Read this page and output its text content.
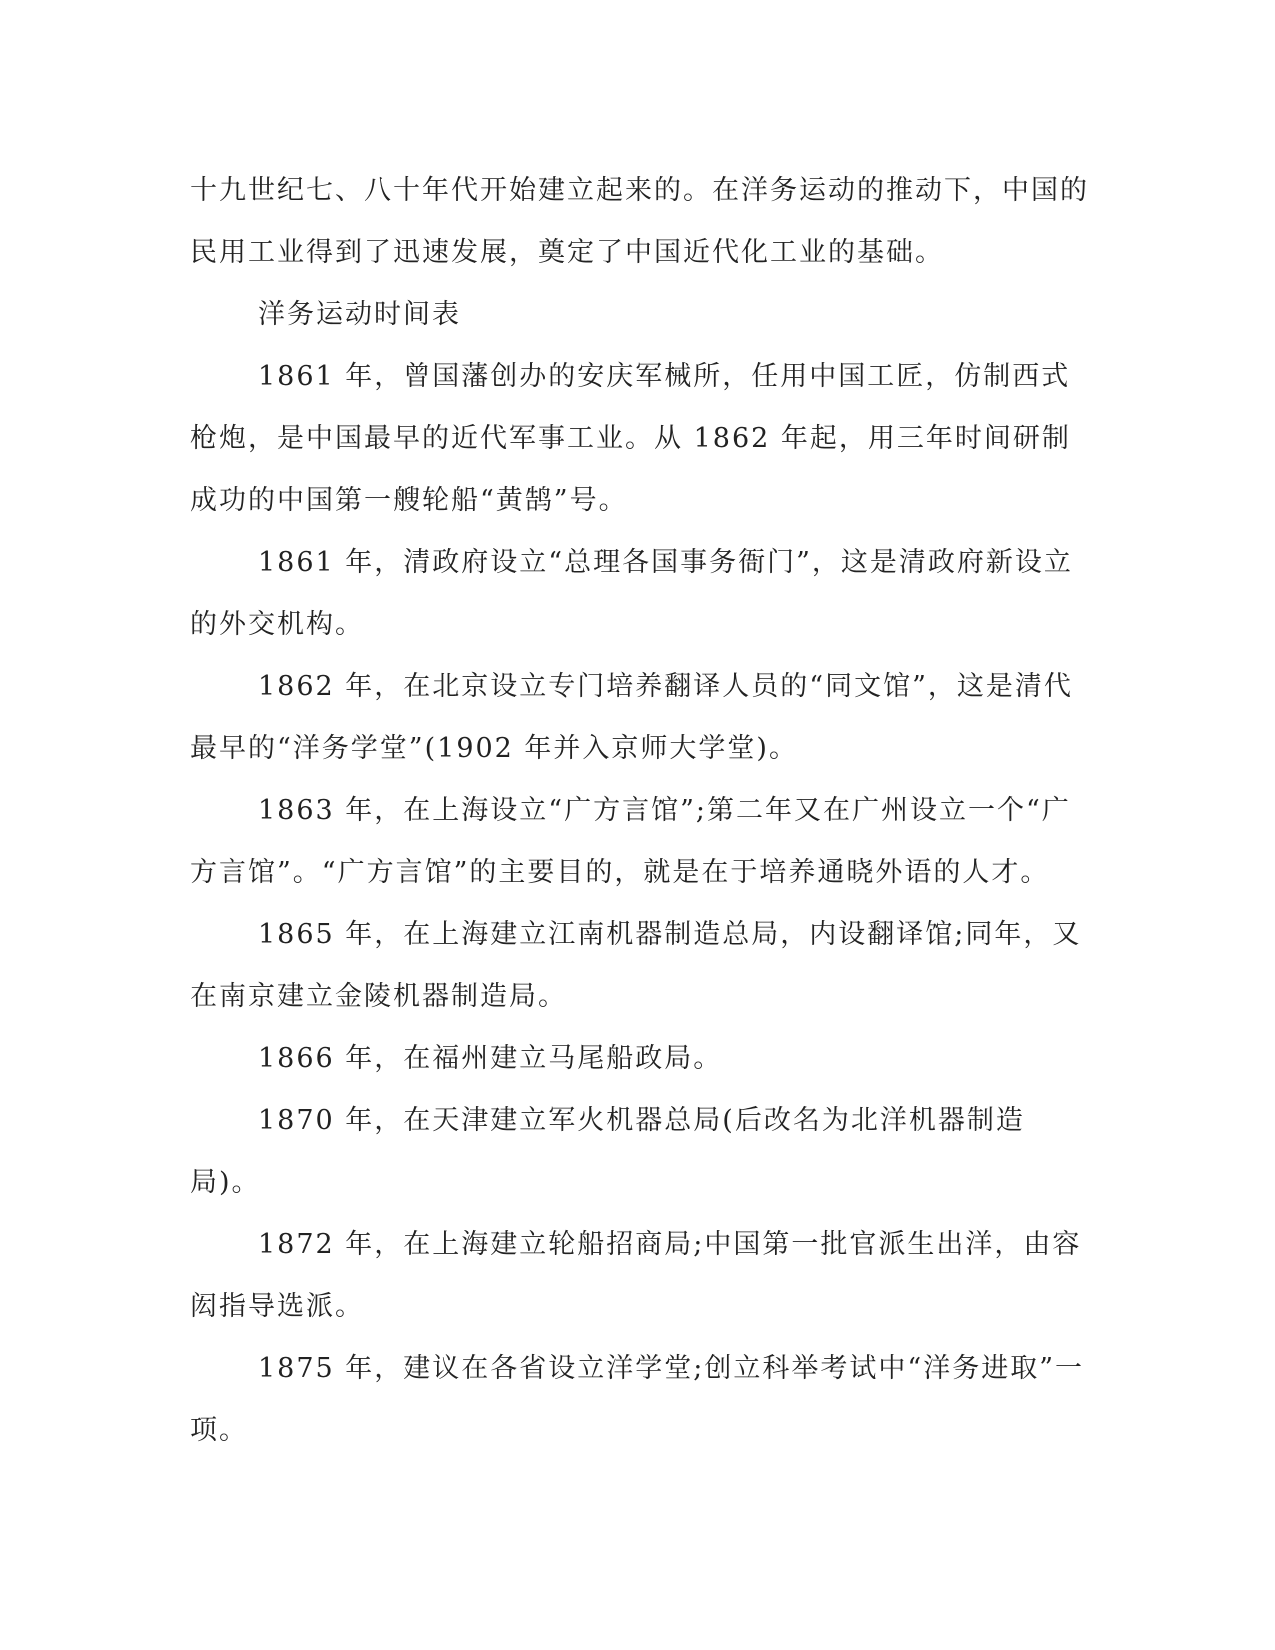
十九世纪七、八十年代开始建立起来的。在洋务运动的推动下，中国的民用工业得到了迅速发展，奠定了中国近代化工业的基础。

洋务运动时间表

1861 年，曾国藩创办的安庆军械所，任用中国工匠，仿制西式枪炮，是中国最早的近代军事工业。从 1862 年起，用三年时间研制成功的中国第一艘轮船“黄鹄”号。

1861 年，清政府设立“总理各国事务衙门”，这是清政府新设立的外交机构。

1862 年，在北京设立专门培养翻译人员的“同文馆”，这是清代最早的“洋务学堂”(1902 年并入京师大学堂)。

1863 年，在上海设立“广方言馆”;第二年又在广州设立一个“广方言馆”。“广方言馆”的主要目的，就是在于培养通晓外语的人才。

1865 年，在上海建立江南机器制造总局，内设翻译馆;同年，又在南京建立金陵机器制造局。

1866 年，在福州建立马尾船政局。

1870 年，在天津建立军火机器总局(后改名为北洋机器制造局)。

1872 年，在上海建立轮船招商局;中国第一批官派生出洋，由容闳指导选派。

1875 年，建议在各省设立洋学堂;创立科举考试中“洋务进取”一项。
